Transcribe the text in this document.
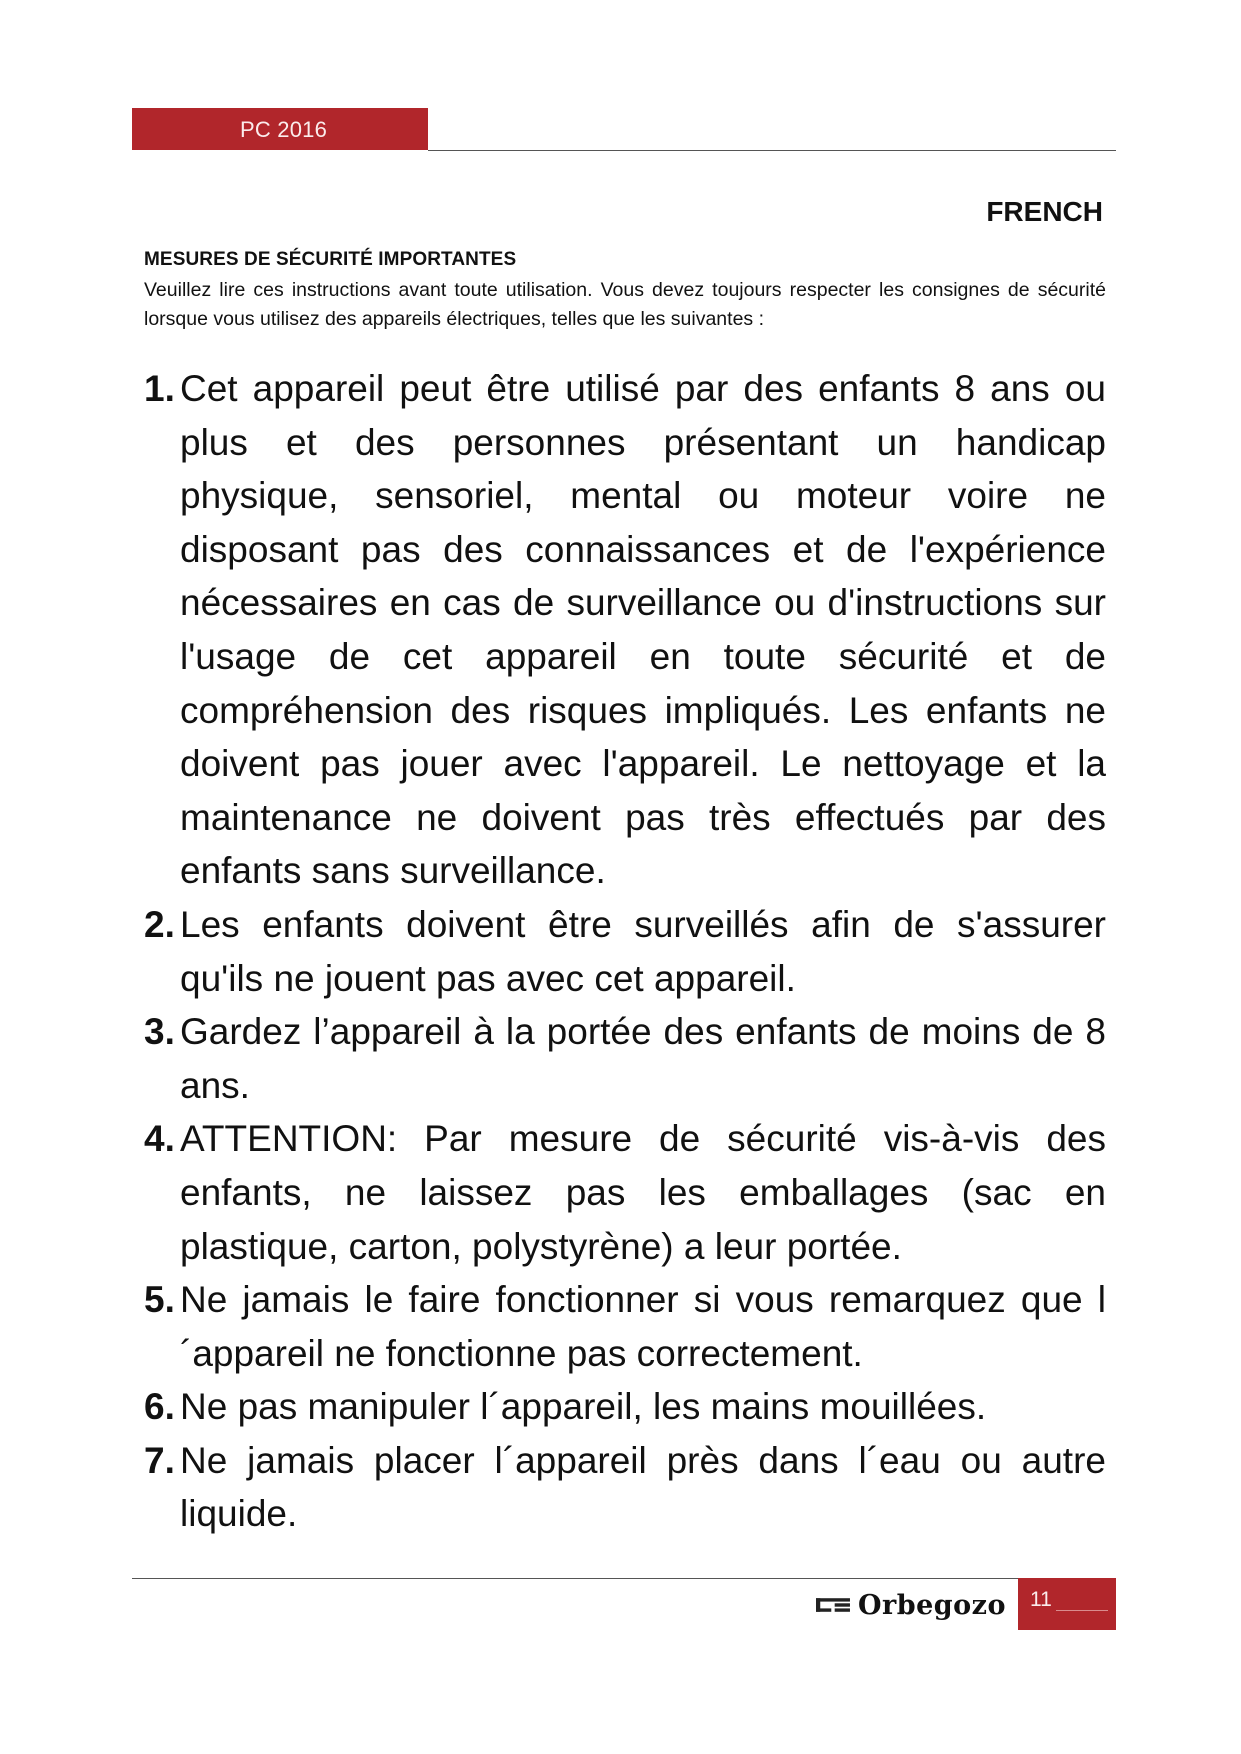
PC 2016
FRENCH
MESURES DE SÉCURITÉ IMPORTANTES
Veuillez lire ces instructions avant toute utilisation. Vous devez toujours respecter les consignes de sécurité lorsque vous utilisez des appareils électriques, telles que les suivantes :
1. Cet appareil peut être utilisé par des enfants 8 ans ou plus et des personnes présentant un handicap physique, sensoriel, mental ou moteur voire ne disposant pas des connaissances et de l'expérience nécessaires en cas de surveillance ou d'instructions sur l'usage de cet appareil en toute sécurité et de compréhension des risques impliqués. Les enfants ne doivent pas jouer avec l'appareil. Le nettoyage et la maintenance ne doivent pas très effectués par des enfants sans surveillance.
2. Les enfants doivent être surveillés afin de s'assurer qu'ils ne jouent pas avec cet appareil.
3. Gardez l’appareil à la portée des enfants de moins de 8 ans.
4. ATTENTION: Par mesure de sécurité vis-à-vis des enfants, ne laissez pas les emballages (sac en plastique, carton, polystyrène) a leur portée.
5. Ne jamais le faire fonctionner si vous remarquez que l´appareil ne fonctionne pas correctement.
6. Ne pas manipuler l´appareil, les mains mouillées.
7. Ne jamais placer l´appareil près dans l´eau ou autre liquide.
Orbegozo 11
